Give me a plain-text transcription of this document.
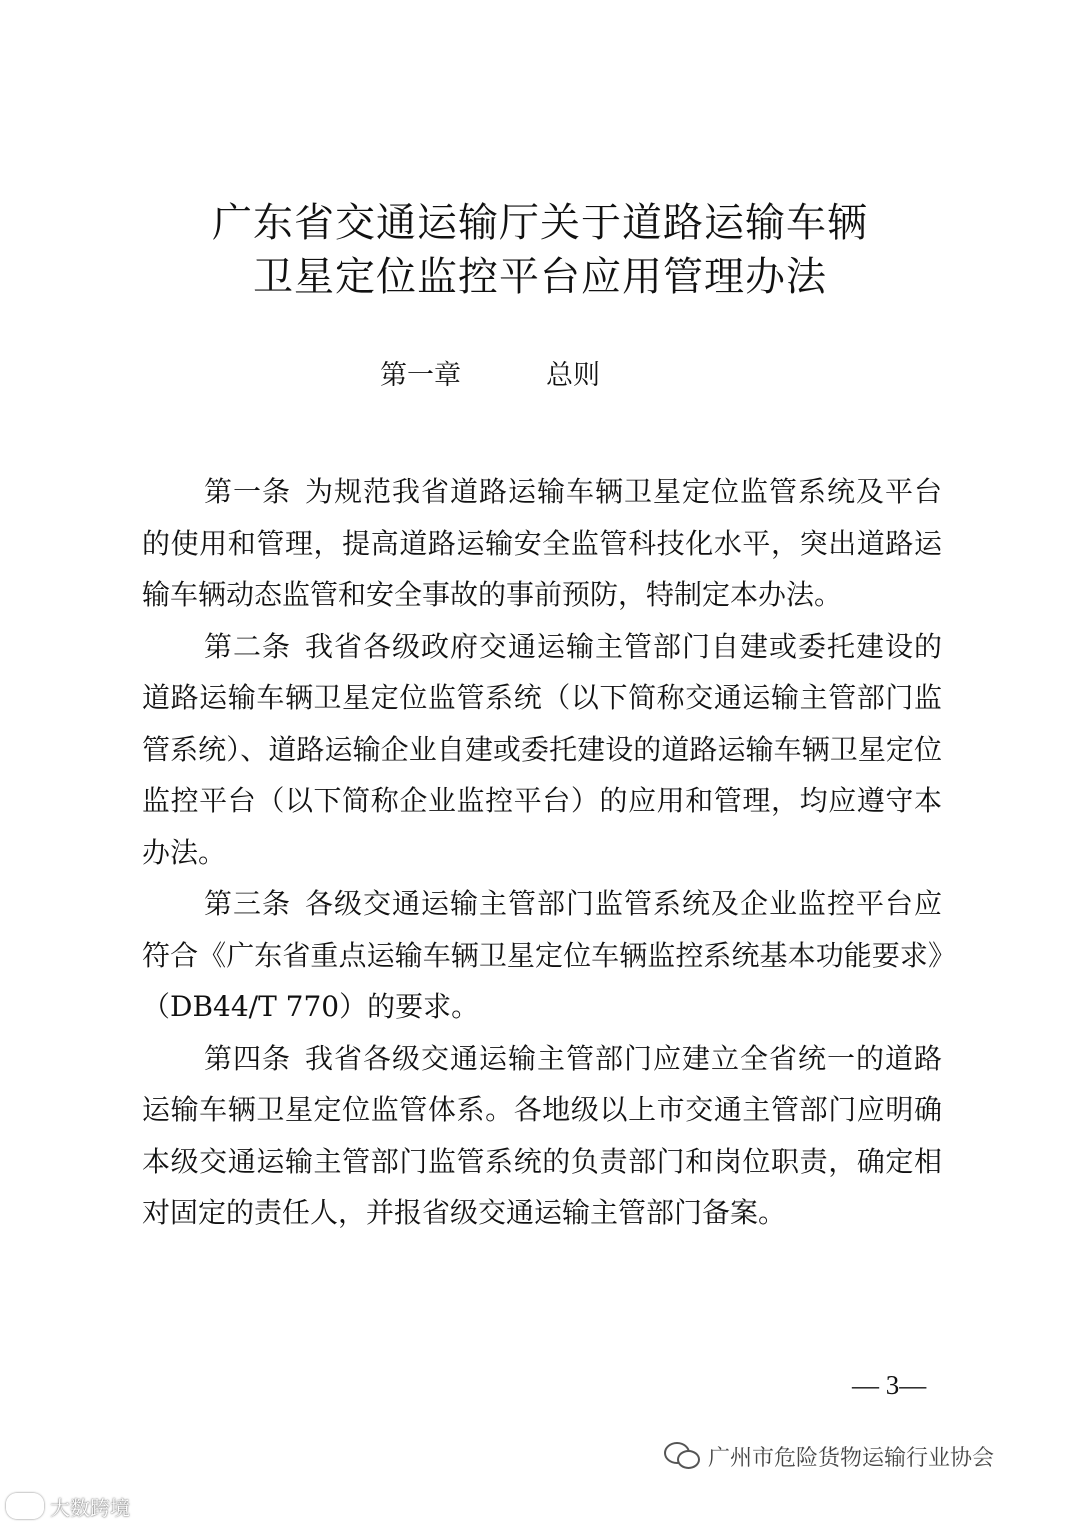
广东省交通运输厅关于道路运输车辆
卫星定位监控平台应用管理办法
第一章	总则

第一条 为规范我省道路运输车辆卫星定位监管系统及平台的使用和管理，提高道路运输安全监管科技化水平，突出道路运输车辆动态监管和安全事故的事前预防，特制定本办法。

第二条 我省各级政府交通运输主管部门自建或委托建设的道路运输车辆卫星定位监管系统（以下简称交通运输主管部门监管系统）、道路运输企业自建或委托建设的道路运输车辆卫星定位监控平台（以下简称企业监控平台）的应用和管理，均应遵守本办法。

第三条 各级交通运输主管部门监管系统及企业监控平台应符合《广东省重点运输车辆卫星定位车辆监控系统基本功能要求》（DB44/T 770）的要求。

第四条 我省各级交通运输主管部门应建立全省统一的道路运输车辆卫星定位监管体系。各地级以上市交通主管部门应明确本级交通运输主管部门监管系统的负责部门和岗位职责，确定相对固定的责任人，并报省级交通运输主管部门备案。

— 3—
广州市危险货物运输行业协会
大数跨境
